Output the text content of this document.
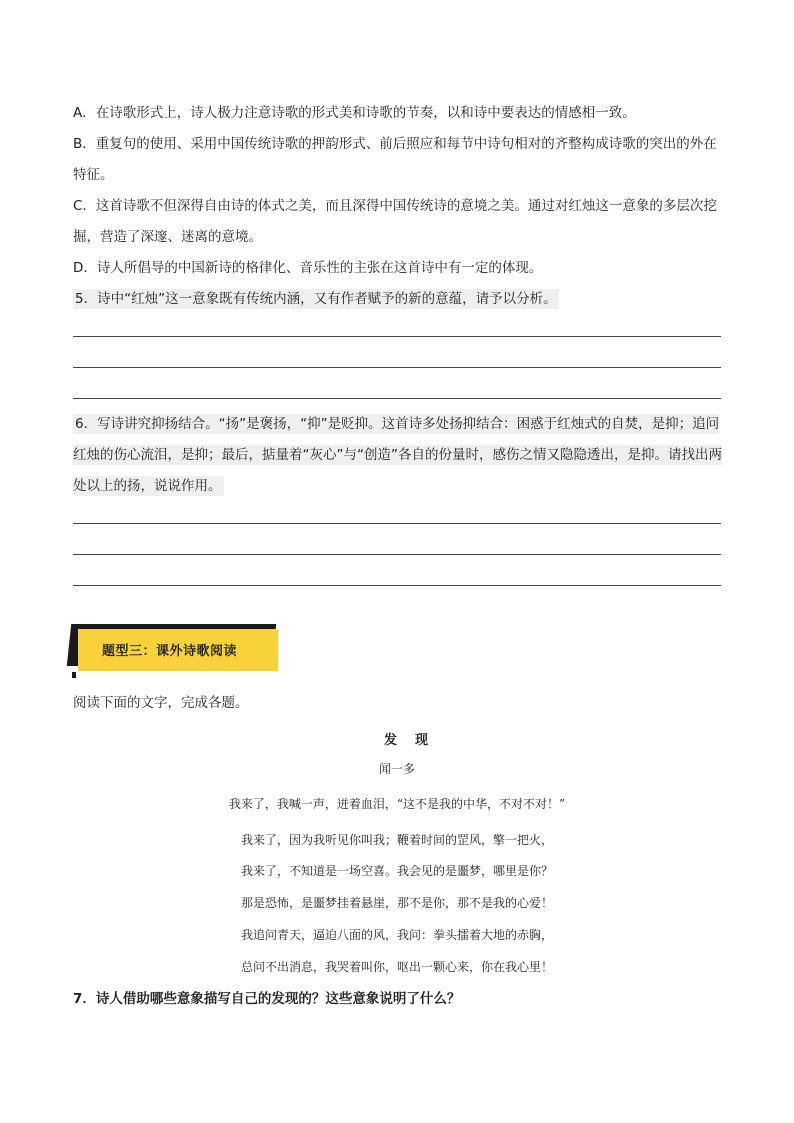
A．在诗歌形式上，诗人极力注意诗歌的形式美和诗歌的节奏，以和诗中要表达的情感相一致。

B．重复句的使用、采用中国传统诗歌的押韵形式、前后照应和每节中诗句相对的齐整构成诗歌的突出的外在特征。

C．这首诗歌不但深得自由诗的体式之美，而且深得中国传统诗的意境之美。通过对红烛这一意象的多层次挖掘，营造了深邃、迷离的意境。

D．诗人所倡导的中国新诗的格律化、音乐性的主张在这首诗中有一定的体现。

5．诗中“红烛”这一意象既有传统内涵，又有作者赋予的新的意蕴，请予以分析。

6．写诗讲究抑扬结合。“扬”是褒扬，“抑”是贬抑。这首诗多处扬抑结合：困惑于红烛式的自焚，是抑；追问红烛的伤心流泪，是抑；最后，掂量着“灰心”与“创造”各自的份量时，感伤之情又隐隐透出，是抑。请找出两处以上的扬，说说作用。

题型三：课外诗歌阅读

阅读下面的文字，完成各题。

发现

闻一多

我来了，我喊一声，迸着血泪，“这不是我的中华，不对不对！”

我来了，因为我听见你叫我；鞭着时间的罡风，擎一把火，

我来了，不知道是一场空喜。我会见的是噩梦，哪里是你？

那是恐怖，是噩梦挂着悬崖，那不是你，那不是我的心爱！

我追问青天，逼迫八面的风，我问：拳头擂着大地的赤胸，

总问不出消息，我哭着叫你，呕出一颗心来，你在我心里！

7．诗人借助哪些意象描写自己的发现的？这些意象说明了什么？
